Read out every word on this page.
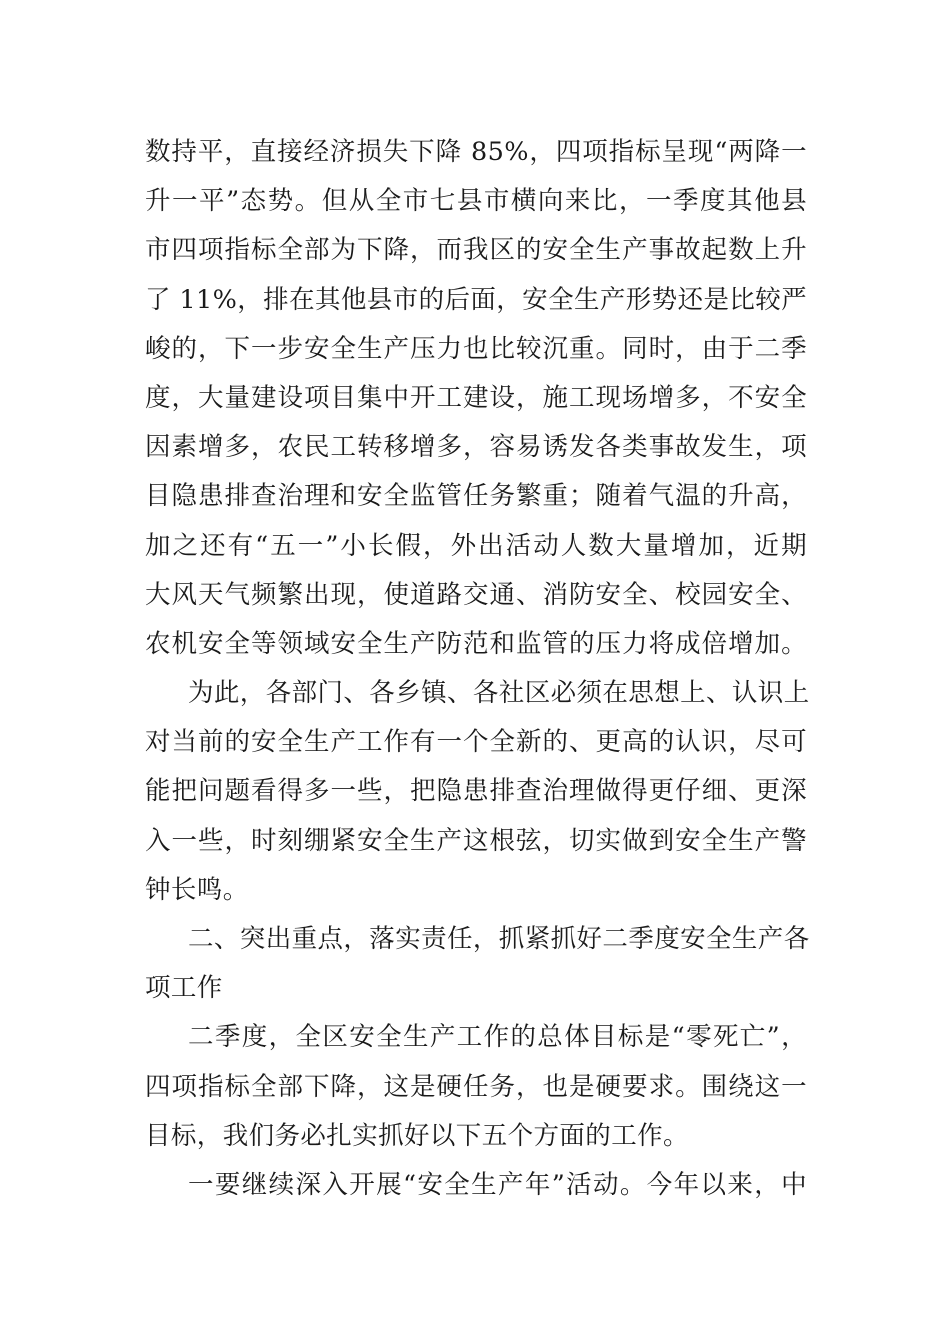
数持平，直接经济损失下降 85%，四项指标呈现“两降一
升一平”态势。但从全市七县市横向来比，一季度其他县
市四项指标全部为下降，而我区的安全生产事故起数上升
了 11%，排在其他县市的后面，安全生产形势还是比较严
峻的，下一步安全生产压力也比较沉重。同时，由于二季
度，大量建设项目集中开工建设，施工现场增多，不安全
因素增多，农民工转移增多，容易诱发各类事故发生，项
目隐患排查治理和安全监管任务繁重；随着气温的升高，
加之还有“五一”小长假，外出活动人数大量增加，近期
大风天气频繁出现，使道路交通、消防安全、校园安全、
农机安全等领域安全生产防范和监管的压力将成倍增加。
为此，各部门、各乡镇、各社区必须在思想上、认识上
对当前的安全生产工作有一个全新的、更高的认识，尽可
能把问题看得多一些，把隐患排查治理做得更仔细、更深
入一些，时刻绷紧安全生产这根弦，切实做到安全生产警
钟长鸣。
二、突出重点，落实责任，抓紧抓好二季度安全生产各
项工作
二季度，全区安全生产工作的总体目标是“零死亡”，
四项指标全部下降，这是硬任务，也是硬要求。围绕这一
目标，我们务必扎实抓好以下五个方面的工作。
一要继续深入开展“安全生产年”活动。今年以来，中
